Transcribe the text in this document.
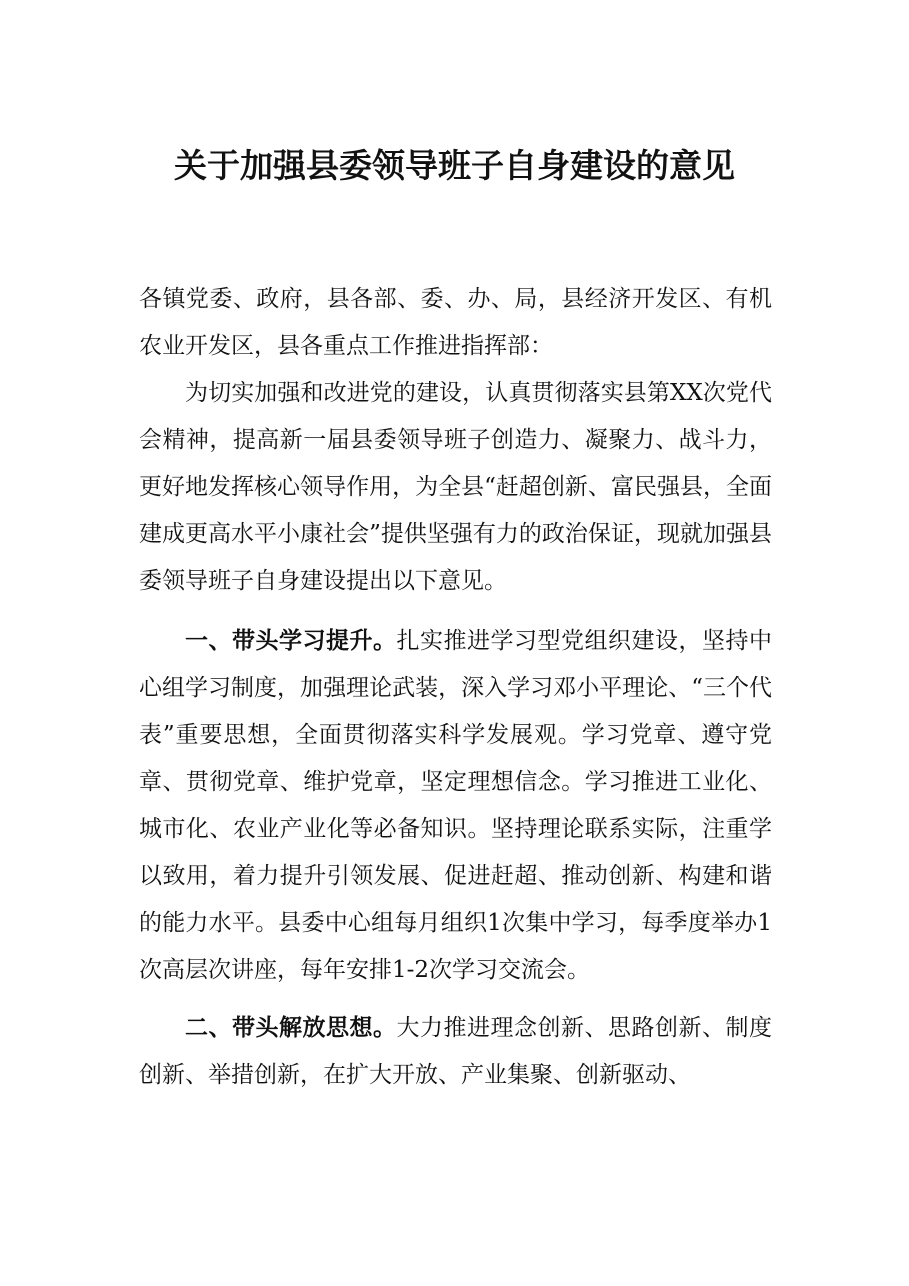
关于加强县委领导班子自身建设的意见

各镇党委、政府，县各部、委、办、局，县经济开发区、有机农业开发区，县各重点工作推进指挥部：

为切实加强和改进党的建设，认真贯彻落实县第XX次党代会精神，提高新一届县委领导班子创造力、凝聚力、战斗力，更好地发挥核心领导作用，为全县“赶超创新、富民强县，全面建成更高水平小康社会”提供坚强有力的政治保证，现就加强县委领导班子自身建设提出以下意见。

一、带头学习提升。扎实推进学习型党组织建设，坚持中心组学习制度，加强理论武装，深入学习邓小平理论、“三个代表”重要思想，全面贯彻落实科学发展观。学习党章、遵守党章、贯彻党章、维护党章，坚定理想信念。学习推进工业化、城市化、农业产业化等必备知识。坚持理论联系实际，注重学以致用，着力提升引领发展、促进赶超、推动创新、构建和谐的能力水平。县委中心组每月组织1次集中学习，每季度举办1次高层次讲座，每年安排1-2次学习交流会。

二、带头解放思想。大力推进理念创新、思路创新、制度创新、举措创新，在扩大开放、产业集聚、创新驱动、
